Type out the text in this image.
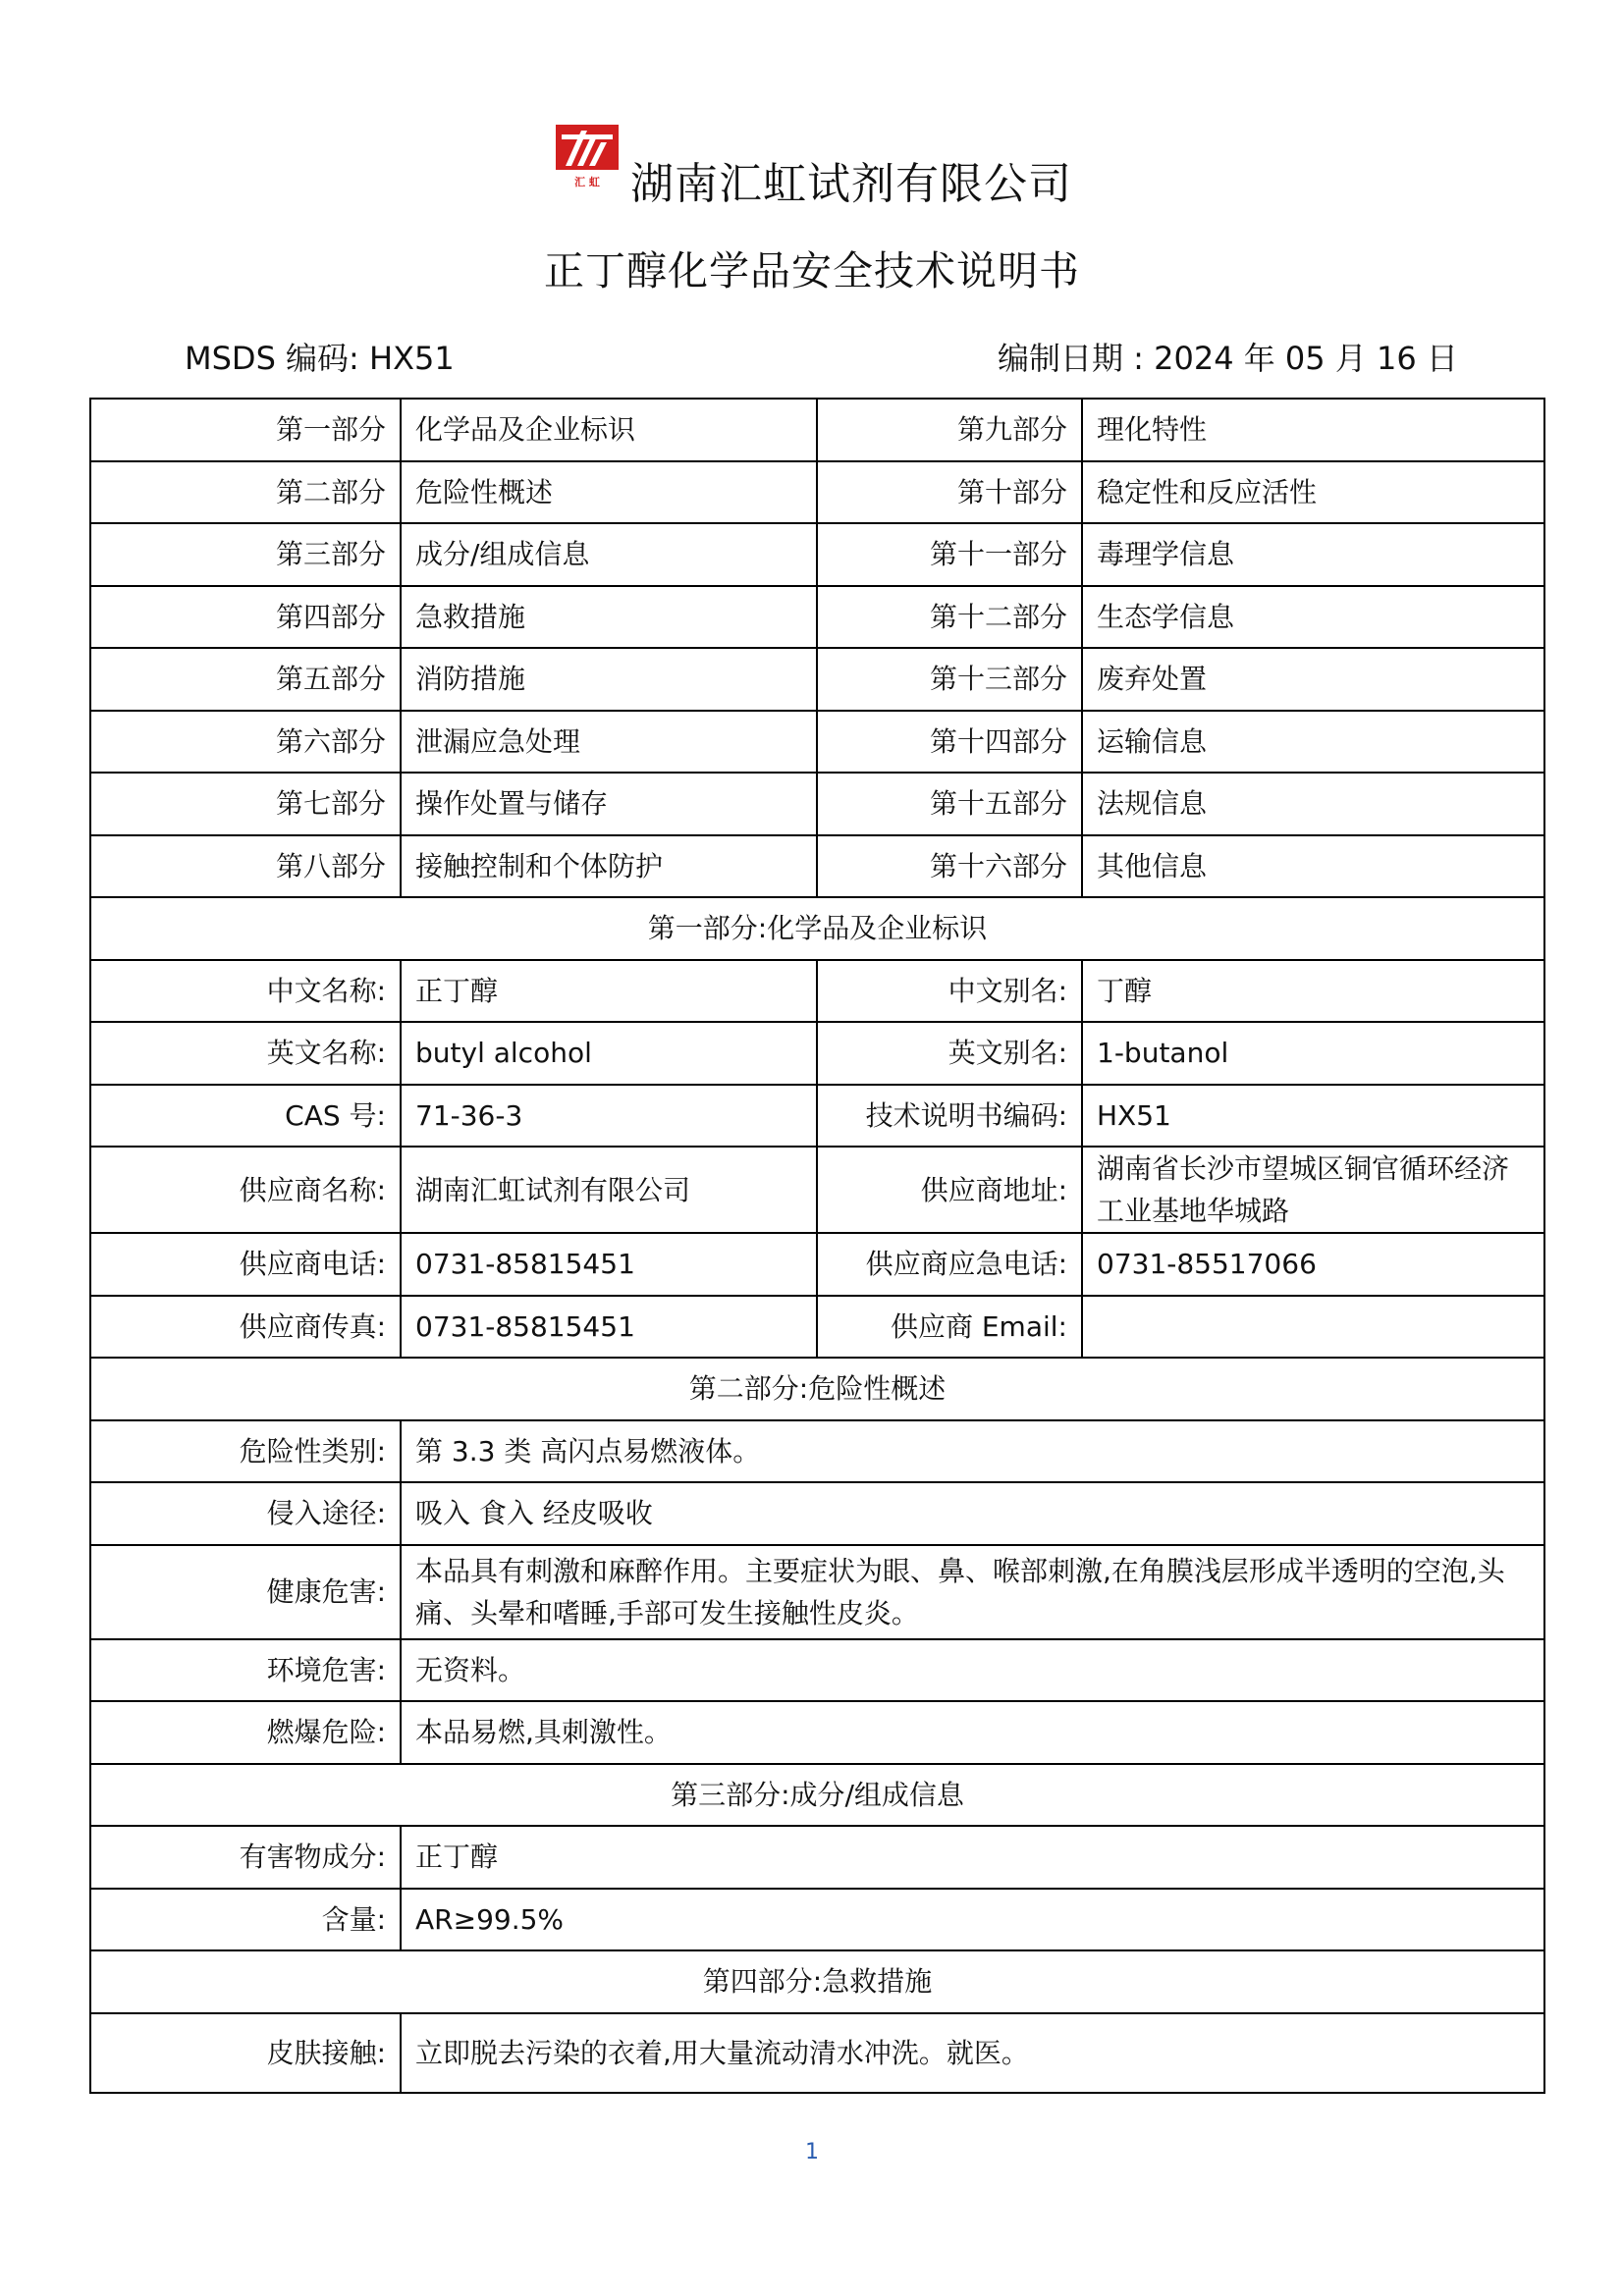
汇 虹 湖南汇虹试剂有限公司
正丁醇化学品安全技术说明书
MSDS 编码: HX51	编制日期 : 2024 年 05 月 16 日
第一部分	化学品及企业标识	第九部分	理化特性
第二部分	危险性概述	第十部分	稳定性和反应活性
第三部分	成分/组成信息	第十一部分	毒理学信息
第四部分	急救措施	第十二部分	生态学信息
第五部分	消防措施	第十三部分	废弃处置
第六部分	泄漏应急处理	第十四部分	运输信息
第七部分	操作处置与储存	第十五部分	法规信息
第八部分	接触控制和个体防护	第十六部分	其他信息
第一部分:化学品及企业标识			
中文名称:	正丁醇	中文别名:	丁醇
英文名称:	butyl alcohol	英文别名:	1-butanol
CAS 号:	71-36-3	技术说明书编码:	HX51
供应商名称:	湖南汇虹试剂有限公司	供应商地址:	湖南省长沙市望城区铜官循环经济工业基地华城路
供应商电话:	0731-85815451	供应商应急电话:	0731-85517066
供应商传真:	0731-85815451	供应商 Email:	
第二部分:危险性概述			
危险性类别:	第 3.3 类 高闪点易燃液体。		
侵入途径:	吸入 食入 经皮吸收		
健康危害:	本品具有刺激和麻醉作用。主要症状为眼、鼻、喉部刺激,在角膜浅层形成半透明的空泡,头痛、头晕和嗜睡,手部可发生接触性皮炎。		
环境危害:	无资料。		
燃爆危险:	本品易燃,具刺激性。		
第三部分:成分/组成信息			
有害物成分:	正丁醇		
含量:	AR≥99.5%		
第四部分:急救措施			
皮肤接触:	立即脱去污染的衣着,用大量流动清水冲洗。就医。		
1
